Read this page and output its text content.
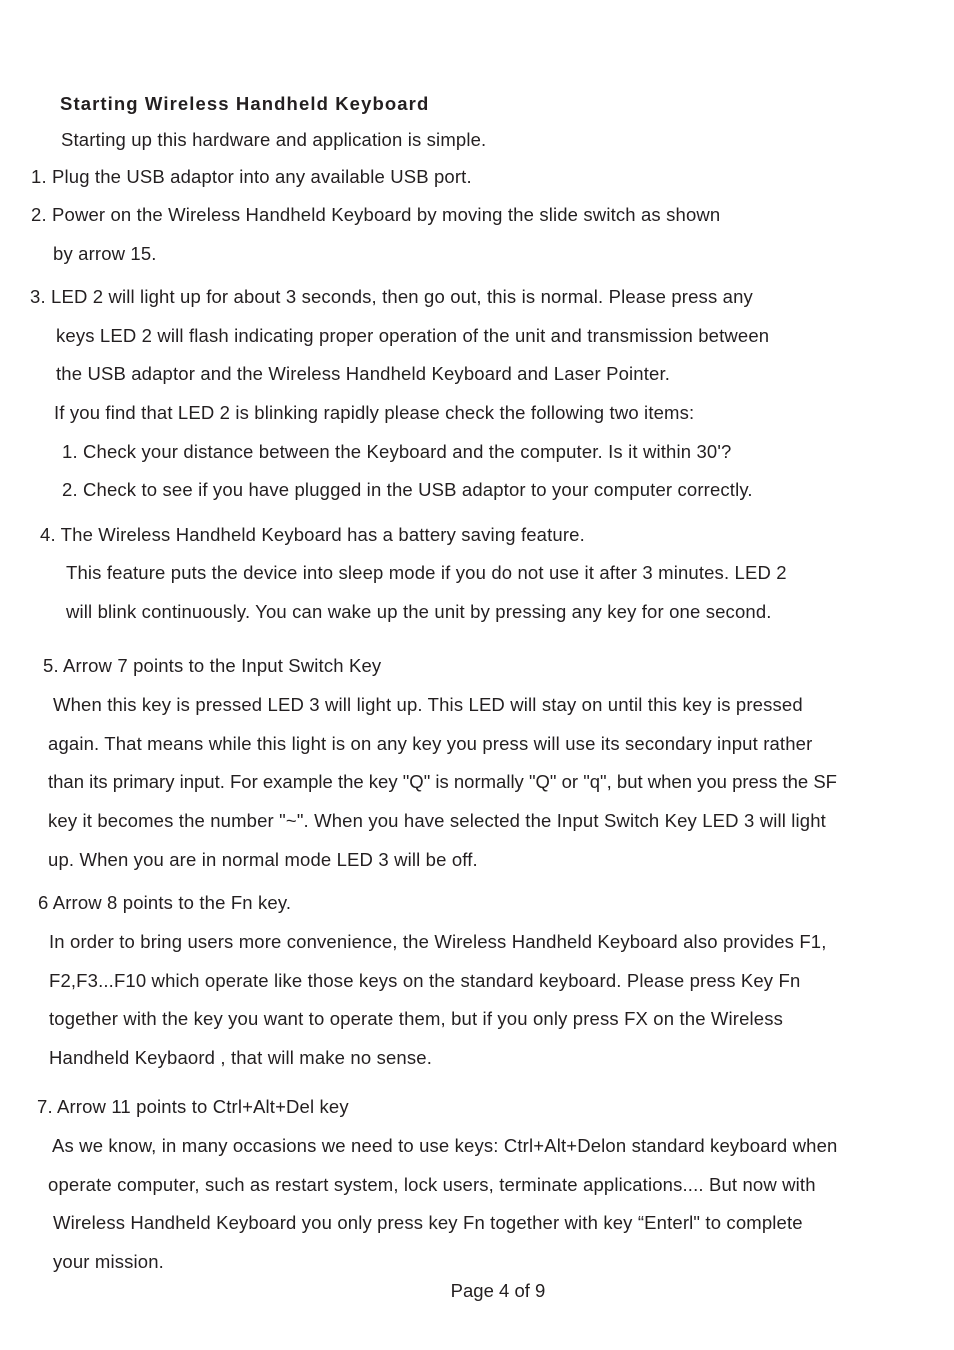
Starting Wireless Handheld Keyboard
Starting up this hardware and application is simple.
1. Plug the USB adaptor into any available USB port.
2. Power on the Wireless Handheld Keyboard by moving the slide switch as shown
by arrow 15.
3. LED 2 will light up for about 3 seconds, then go out, this is normal. Please press any
keys LED 2 will flash indicating proper operation of the unit and transmission between
the USB adaptor and the Wireless Handheld Keyboard and Laser Pointer.
If you find that LED 2 is blinking rapidly please check the following two items:
1. Check your distance between the Keyboard and the computer. Is it within 30'?
2. Check to see if you have plugged in the USB adaptor to your computer correctly.
4. The Wireless Handheld Keyboard has a battery saving feature.
This feature puts the device into sleep mode if you do not use it after 3 minutes. LED 2
will blink continuously. You can wake up the unit by pressing any key for one second.
5. Arrow 7 points to the Input Switch Key
When this key is pressed LED 3 will light up. This LED will stay on until this key is pressed
again. That means while this light is on any key you press will use its secondary input rather
than its primary input. For example the key "Q" is normally "Q" or "q", but when you press the SF
key it becomes the number "~". When you have selected the Input Switch Key LED 3 will light
up. When you are in normal mode LED 3 will be off.
6 Arrow 8 points to the Fn key.
In order to bring users more convenience, the Wireless Handheld Keyboard also provides F1,
F2,F3...F10 which operate like those keys on the standard keyboard. Please press Key Fn
together with the key you want to operate them, but if you only press FX on the Wireless
Handheld Keybaord , that will make no sense.
7. Arrow 11 points to Ctrl+Alt+Del key
As we know, in many occasions we need to use keys: Ctrl+Alt+Delon standard keyboard when
operate computer, such as restart system, lock users, terminate applications.... But now with
Wireless Handheld Keyboard you only press key Fn together with key “Enterl" to complete
your mission.
Page 4 of 9
